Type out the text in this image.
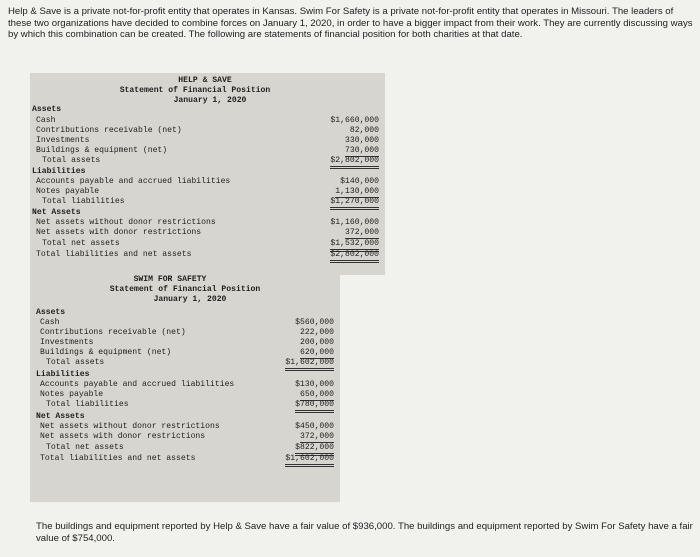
Help & Save is a private not-for-profit entity that operates in Kansas. Swim For Safety is a private not-for-profit entity that operates in Missouri. The leaders of these two organizations have decided to combine forces on January 1, 2020, in order to have a bigger impact from their work. They are currently discussing ways by which this combination can be created. The following are statements of financial position for both charities at that date.
HELP & SAVE
Statement of Financial Position
January 1, 2020
Assets
Cash	$1,660,000
Contributions receivable (net)	82,000
Investments	330,000
Buildings & equipment (net)	730,000
Total assets	$2,802,000
Liabilities
Accounts payable and accrued liabilities	$140,000
Notes payable	1,130,000
Total liabilities	$1,270,000
Net Assets
Net assets without donor restrictions	$1,160,000
Net assets with donor restrictions	372,000
Total net assets	$1,532,000
Total liabilities and net assets	$2,802,000
SWIM FOR SAFETY
Statement of Financial Position
January 1, 2020
Assets
Cash	$560,000
Contributions receivable (net)	222,000
Investments	200,000
Buildings & equipment (net)	620,000
Total assets	$1,602,000
Liabilities
Accounts payable and accrued liabilities	$130,000
Notes payable	650,000
Total liabilities	$780,000
Net Assets
Net assets without donor restrictions	$450,000
Net assets with donor restrictions	372,000
Total net assets	$822,000
Total liabilities and net assets	$1,602,000
The buildings and equipment reported by Help & Save have a fair value of $936,000. The buildings and equipment reported by Swim For Safety have a fair value of $754,000.
